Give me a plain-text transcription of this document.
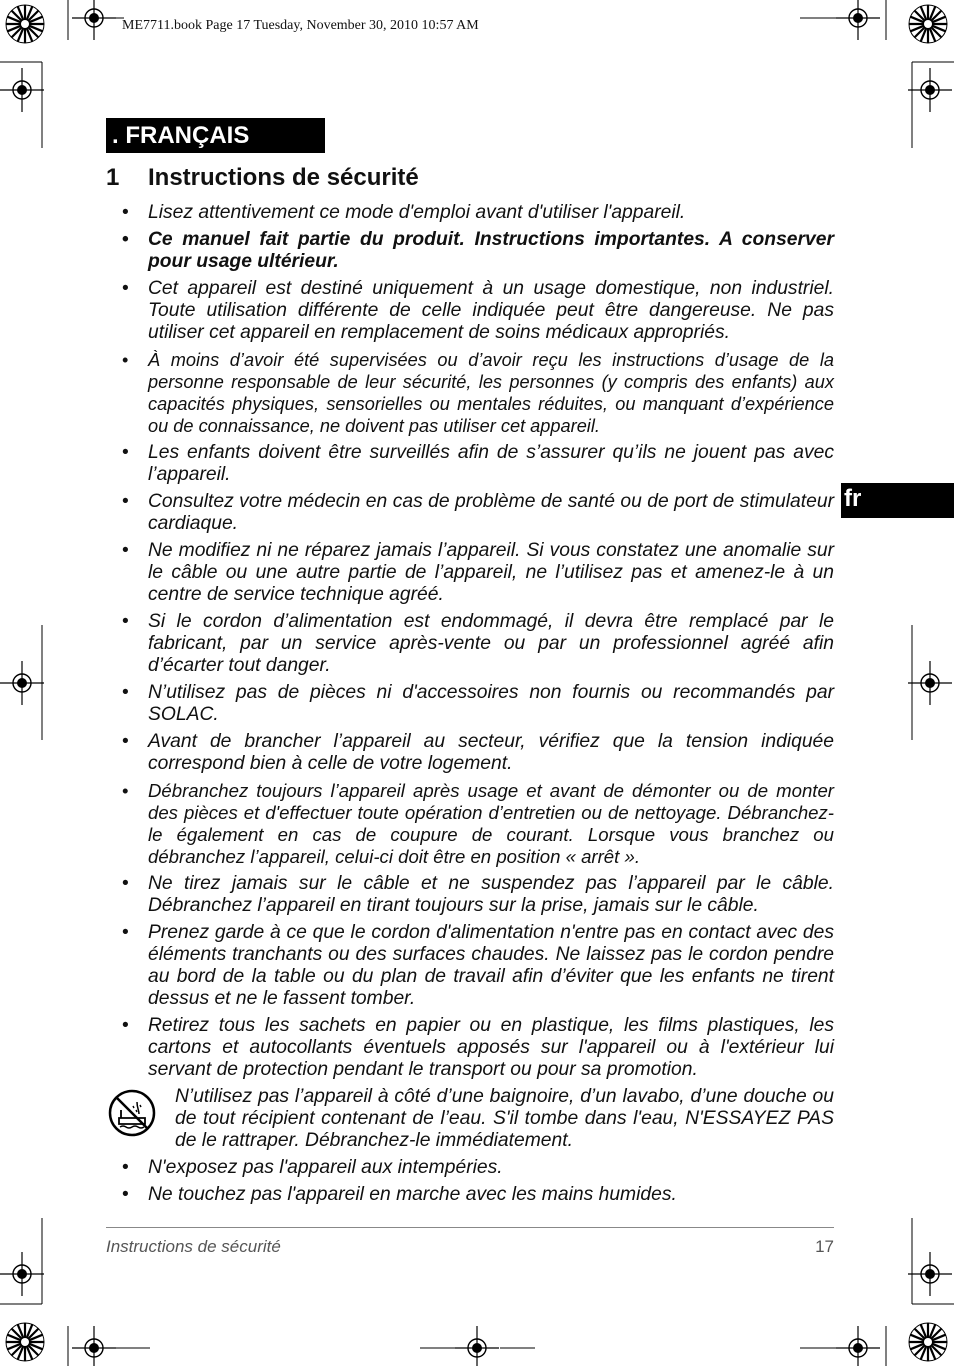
ME7711.book Page 17 Tuesday, November 30, 2010 10:57 AM
. FRANÇAIS
1 Instructions de sécurité
fr
• Lisez attentivement ce mode d'emploi avant d'utiliser l'appareil.
• Ce manuel fait partie du produit. Instructions importantes. A conserver pour usage ultérieur.
• Cet appareil est destiné uniquement à un usage domestique, non industriel. Toute utilisation différente de celle indiquée peut être dangereuse. Ne pas utiliser cet appareil en remplacement de soins médicaux appropriés.
•	À moins d’avoir été supervisées ou d’avoir reçu les instructions d’usage de la personne responsable de leur sécurité, les personnes (y compris des enfants) aux capacités physiques, sensorielles ou mentales réduites, ou manquant d’expérience ou de connaissance, ne doivent pas utiliser cet appareil.
• Les enfants doivent être surveillés afin de s’assurer qu’ils ne jouent pas avec l’appareil.
• Consultez votre médecin en cas de problème de santé ou de port de stimulateur cardiaque.
• Ne modifiez ni ne réparez jamais l’appareil. Si vous constatez une anomalie sur le câble ou une autre partie de l’appareil, ne l’utilisez pas et amenez-le à un centre de service technique agréé.
• Si le cordon d’alimentation est endommagé, il devra être remplacé par le fabricant, par un service après-vente ou par un professionnel agréé afin d’écarter tout danger.
• N’utilisez pas de pièces ni d'accessoires non fournis ou recommandés par SOLAC.
• Avant de brancher l’appareil au secteur, vérifiez que la tension indiquée correspond bien à celle de votre logement.
•	Débranchez toujours l’appareil après usage et avant de démonter ou de monter des pièces et d'effectuer toute opération d’entretien ou de nettoyage. Débranchez-le également en cas de coupure de courant. Lorsque vous branchez ou débranchez l’appareil, celui-ci doit être en position « arrêt ».
• Ne tirez jamais sur le câble et ne suspendez pas l’appareil par le câble. Débranchez l’appareil en tirant toujours sur la prise, jamais sur le câble.
• Prenez garde à ce que le cordon d'alimentation n'entre pas en contact avec des éléments tranchants ou des surfaces chaudes. Ne laissez pas le cordon pendre au bord de la table ou du plan de travail afin d’éviter que les enfants ne tirent dessus et ne le fassent tomber.
• Retirez tous les sachets en papier ou en plastique, les films plastiques, les cartons et autocollants éventuels apposés sur l'appareil ou à l'extérieur lui servant de protection pendant le transport ou pour sa promotion.
N’utilisez pas l’appareil à côté d’une baignoire, d’un lavabo, d’une douche ou de tout récipient contenant de l’eau. S'il tombe dans l'eau, N'ESSAYEZ PAS de le rattraper. Débranchez-le immédiatement.
• N'exposez pas l'appareil aux intempéries.
• Ne touchez pas l'appareil en marche avec les mains humides.
Instructions de sécurité	17
